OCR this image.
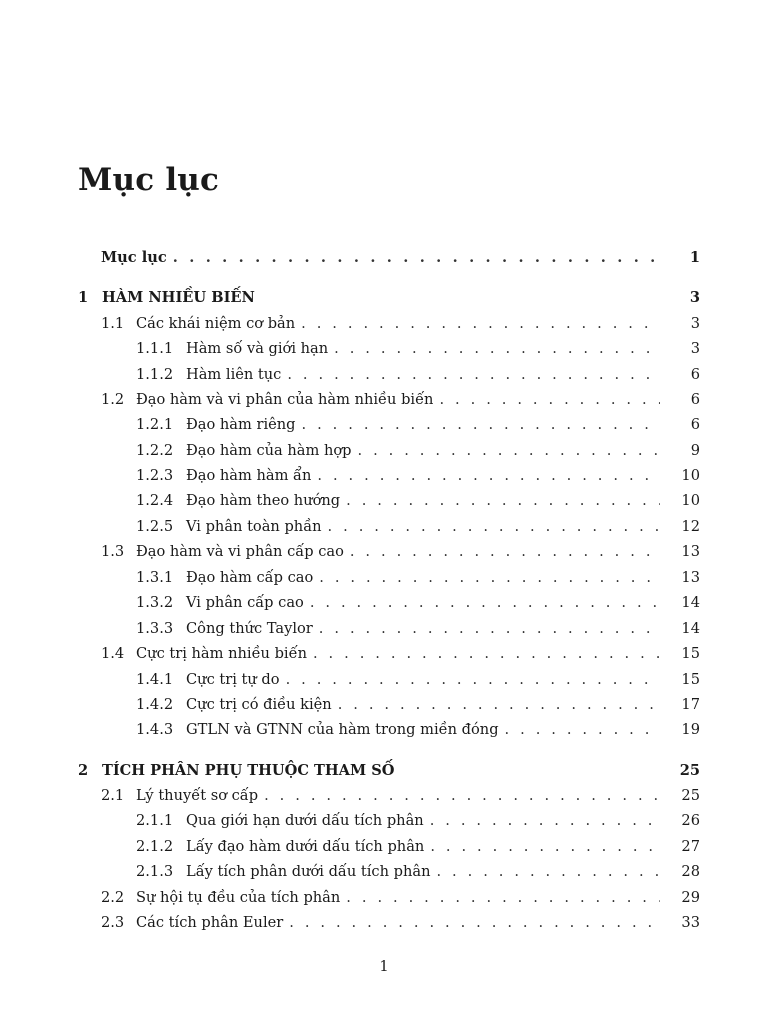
Mục lục
Mục lục . . .	1
1 HÀM NHIỀU BIẾN	3
1.1 Các khái niệm cơ bản . . .	3
1.1.1 Hàm số và giới hạn . . .	3
1.1.2 Hàm liên tục . . .	6
1.2 Đạo hàm và vi phân của hàm nhiều biến . . .	6
1.2.1 Đạo hàm riêng . . .	6
1.2.2 Đạo hàm của hàm hợp . . .	9
1.2.3 Đạo hàm hàm ẩn . . .	10
1.2.4 Đạo hàm theo hướng . . .	10
1.2.5 Vi phân toàn phần . . .	12
1.3 Đạo hàm và vi phân cấp cao . . .	13
1.3.1 Đạo hàm cấp cao . . .	13
1.3.2 Vi phân cấp cao . . .	14
1.3.3 Công thức Taylor . . .	14
1.4 Cực trị hàm nhiều biến . . .	15
1.4.1 Cực trị tự do . . .	15
1.4.2 Cực trị có điều kiện . . .	17
1.4.3 GTLN và GTNN của hàm trong miền đóng . . .	19
2 TÍCH PHÂN PHỤ THUỘC THAM SỐ	25
2.1 Lý thuyết sơ cấp . . .	25
2.1.1 Qua giới hạn dưới dấu tích phân . . .	26
2.1.2 Lấy đạo hàm dưới dấu tích phân . . .	27
2.1.3 Lấy tích phân dưới dấu tích phân . . .	28
2.2 Sự hội tụ đều của tích phân . . .	29
2.3 Các tích phân Euler . . .	33
1
